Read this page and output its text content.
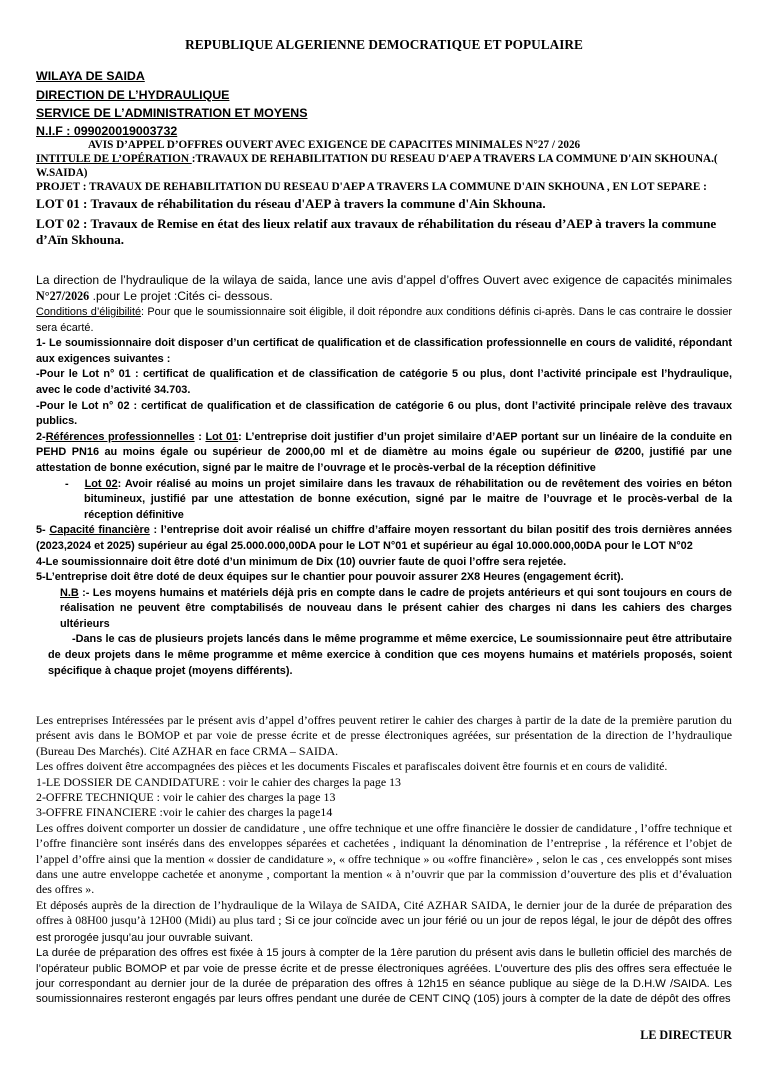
REPUBLIQUE ALGERIENNE DEMOCRATIQUE ET POPULAIRE
WILAYA DE SAIDA
DIRECTION DE L’HYDRAULIQUE
SERVICE DE L’ADMINISTRATION ET MOYENS
N.I.F : 099020019003732

AVIS D’APPEL D’OFFRES OUVERT AVEC EXIGENCE DE CAPACITES MINIMALES N°27 / 2026

INTITULE DE L’OPÉRATION :TRAVAUX DE REHABILITATION DU RESEAU D'AEP A TRAVERS LA COMMUNE D'AIN SKHOUNA.( W.SAIDA)

PROJET : TRAVAUX DE REHABILITATION DU RESEAU D'AEP A TRAVERS LA COMMUNE D'AIN SKHOUNA , EN LOT SEPARE :

LOT 01 : Travaux de réhabilitation du réseau d'AEP à travers la commune d'Ain Skhouna.

LOT 02 : Travaux de Remise en état des lieux relatif aux travaux de réhabilitation du réseau d’AEP à travers la commune d’Aïn Skhouna.

La direction de l’hydraulique de la wilaya de saida, lance une avis d’appel d’offres Ouvert avec exigence de capacités minimales N°27/2026 .pour Le projet :Cités ci- dessous.

Conditions d’éligibilité: Pour que le soumissionnaire soit éligible, il doit répondre aux conditions définis ci-après. Dans le cas contraire le dossier sera écarté.

1- Le soumissionnaire doit disposer d’un certificat de qualification et de classification professionnelle en cours de validité, répondant aux exigences suivantes :

-Pour le Lot n° 01 : certificat de qualification et de classification de catégorie 5 ou plus, dont l’activité principale est l’hydraulique, avec le code d’activité 34.703.

-Pour le Lot n° 02 : certificat de qualification et de classification de catégorie 6 ou plus, dont l’activité principale relève des travaux publics.

2-Références professionnelles : Lot 01: L’entreprise doit justifier d’un projet similaire d’AEP portant sur un linéaire de la conduite en PEHD PN16 au moins égale ou supérieur de 2000,00 ml et de diamètre au moins égale ou supérieur de Ø200, justifié par une attestation de bonne exécution, signé par le maitre de l’ouvrage et le procès-verbal de la réception définitive

- Lot 02: Avoir réalisé au moins un projet similaire dans les travaux de réhabilitation ou de revêtement des voiries en béton bitumineux, justifié par une attestation de bonne exécution, signé par le maitre de l’ouvrage et le procès-verbal de la réception définitive

5- Capacité financière : l’entreprise doit avoir réalisé un chiffre d’affaire moyen ressortant du bilan positif des trois dernières années (2023,2024 et 2025) supérieur au égal 25.000.000,00DA pour le LOT N°01 et supérieur au égal 10.000.000,00DA pour le LOT N°02

4-Le soumissionnaire doit être doté d’un minimum de Dix (10) ouvrier faute de quoi l’offre sera rejetée.

5-L’entreprise doit être doté de deux équipes sur le chantier pour pouvoir assurer 2X8 Heures (engagement écrit).

N.B :- Les moyens humains et matériels déjà pris en compte dans le cadre de projets antérieurs et qui sont toujours en cours de réalisation ne peuvent être comptabilisés de nouveau dans le présent cahier des charges ni dans les cahiers des charges ultérieurs

-Dans le cas de plusieurs projets lancés dans le même programme et même exercice, Le soumissionnaire peut être attributaire de deux projets dans le même programme et même exercice à condition que ces moyens humains et matériels proposés, soient spécifique à chaque projet (moyens différents).

Les entreprises Intéressées par le présent avis d’appel d’offres peuvent retirer le cahier des charges à partir de la date de la première parution du présent avis dans le BOMOP et par voie de presse écrite et de presse électroniques agréées, sur présentation de la direction de l’hydraulique (Bureau Des Marchés). Cité AZHAR en face CRMA – SAIDA.

Les offres doivent être accompagnées des pièces et les documents Fiscales et parafiscales doivent être fournis et en cours de validité.

1-LE DOSSIER DE CANDIDATURE : voir le cahier des charges la page 13

2-OFFRE TECHNIQUE : voir le cahier des charges la page 13

3-OFFRE FINANCIERE :voir le cahier des charges la page14

Les offres doivent comporter un dossier de candidature , une offre technique et une offre financière le dossier de candidature , l’offre technique et l’offre financière sont insérés dans des enveloppes séparées et cachetées , indiquant la dénomination de l’entreprise , la référence et l’objet de l’appel d’offre ainsi que la mention « dossier de candidature », « offre technique » ou «offre financière» , selon le cas , ces enveloppés sont mises dans une autre enveloppe cachetée et anonyme , comportant la mention « à n’ouvrir que par la commission d’ouverture des plis et d’évaluation des offres ».

Et déposés auprès de la direction de l’hydraulique de la Wilaya de SAIDA, Cité AZHAR SAIDA, le dernier jour de la durée de préparation des offres à 08H00 jusqu’à 12H00 (Midi) au plus tard ; Si ce jour coïncide avec un jour férié ou un jour de repos légal, le jour de dépôt des offres est prorogée jusqu’au jour ouvrable suivant.

La durée de préparation des offres est fixée à 15 jours à compter de la 1ère parution du présent avis dans le bulletin officiel des marchés de l’opérateur public BOMOP et par voie de presse écrite et de presse électroniques agréées. L’ouverture des plis des offres sera effectuée le jour correspondant au dernier jour de la durée de préparation des offres à 12h15 en séance publique au siège de la D.H.W /SAIDA. Les soumissionnaires resteront engagés par leurs offres pendant une durée de CENT CINQ (105) jours à compter de la date de dépôt des offres

LE DIRECTEUR
